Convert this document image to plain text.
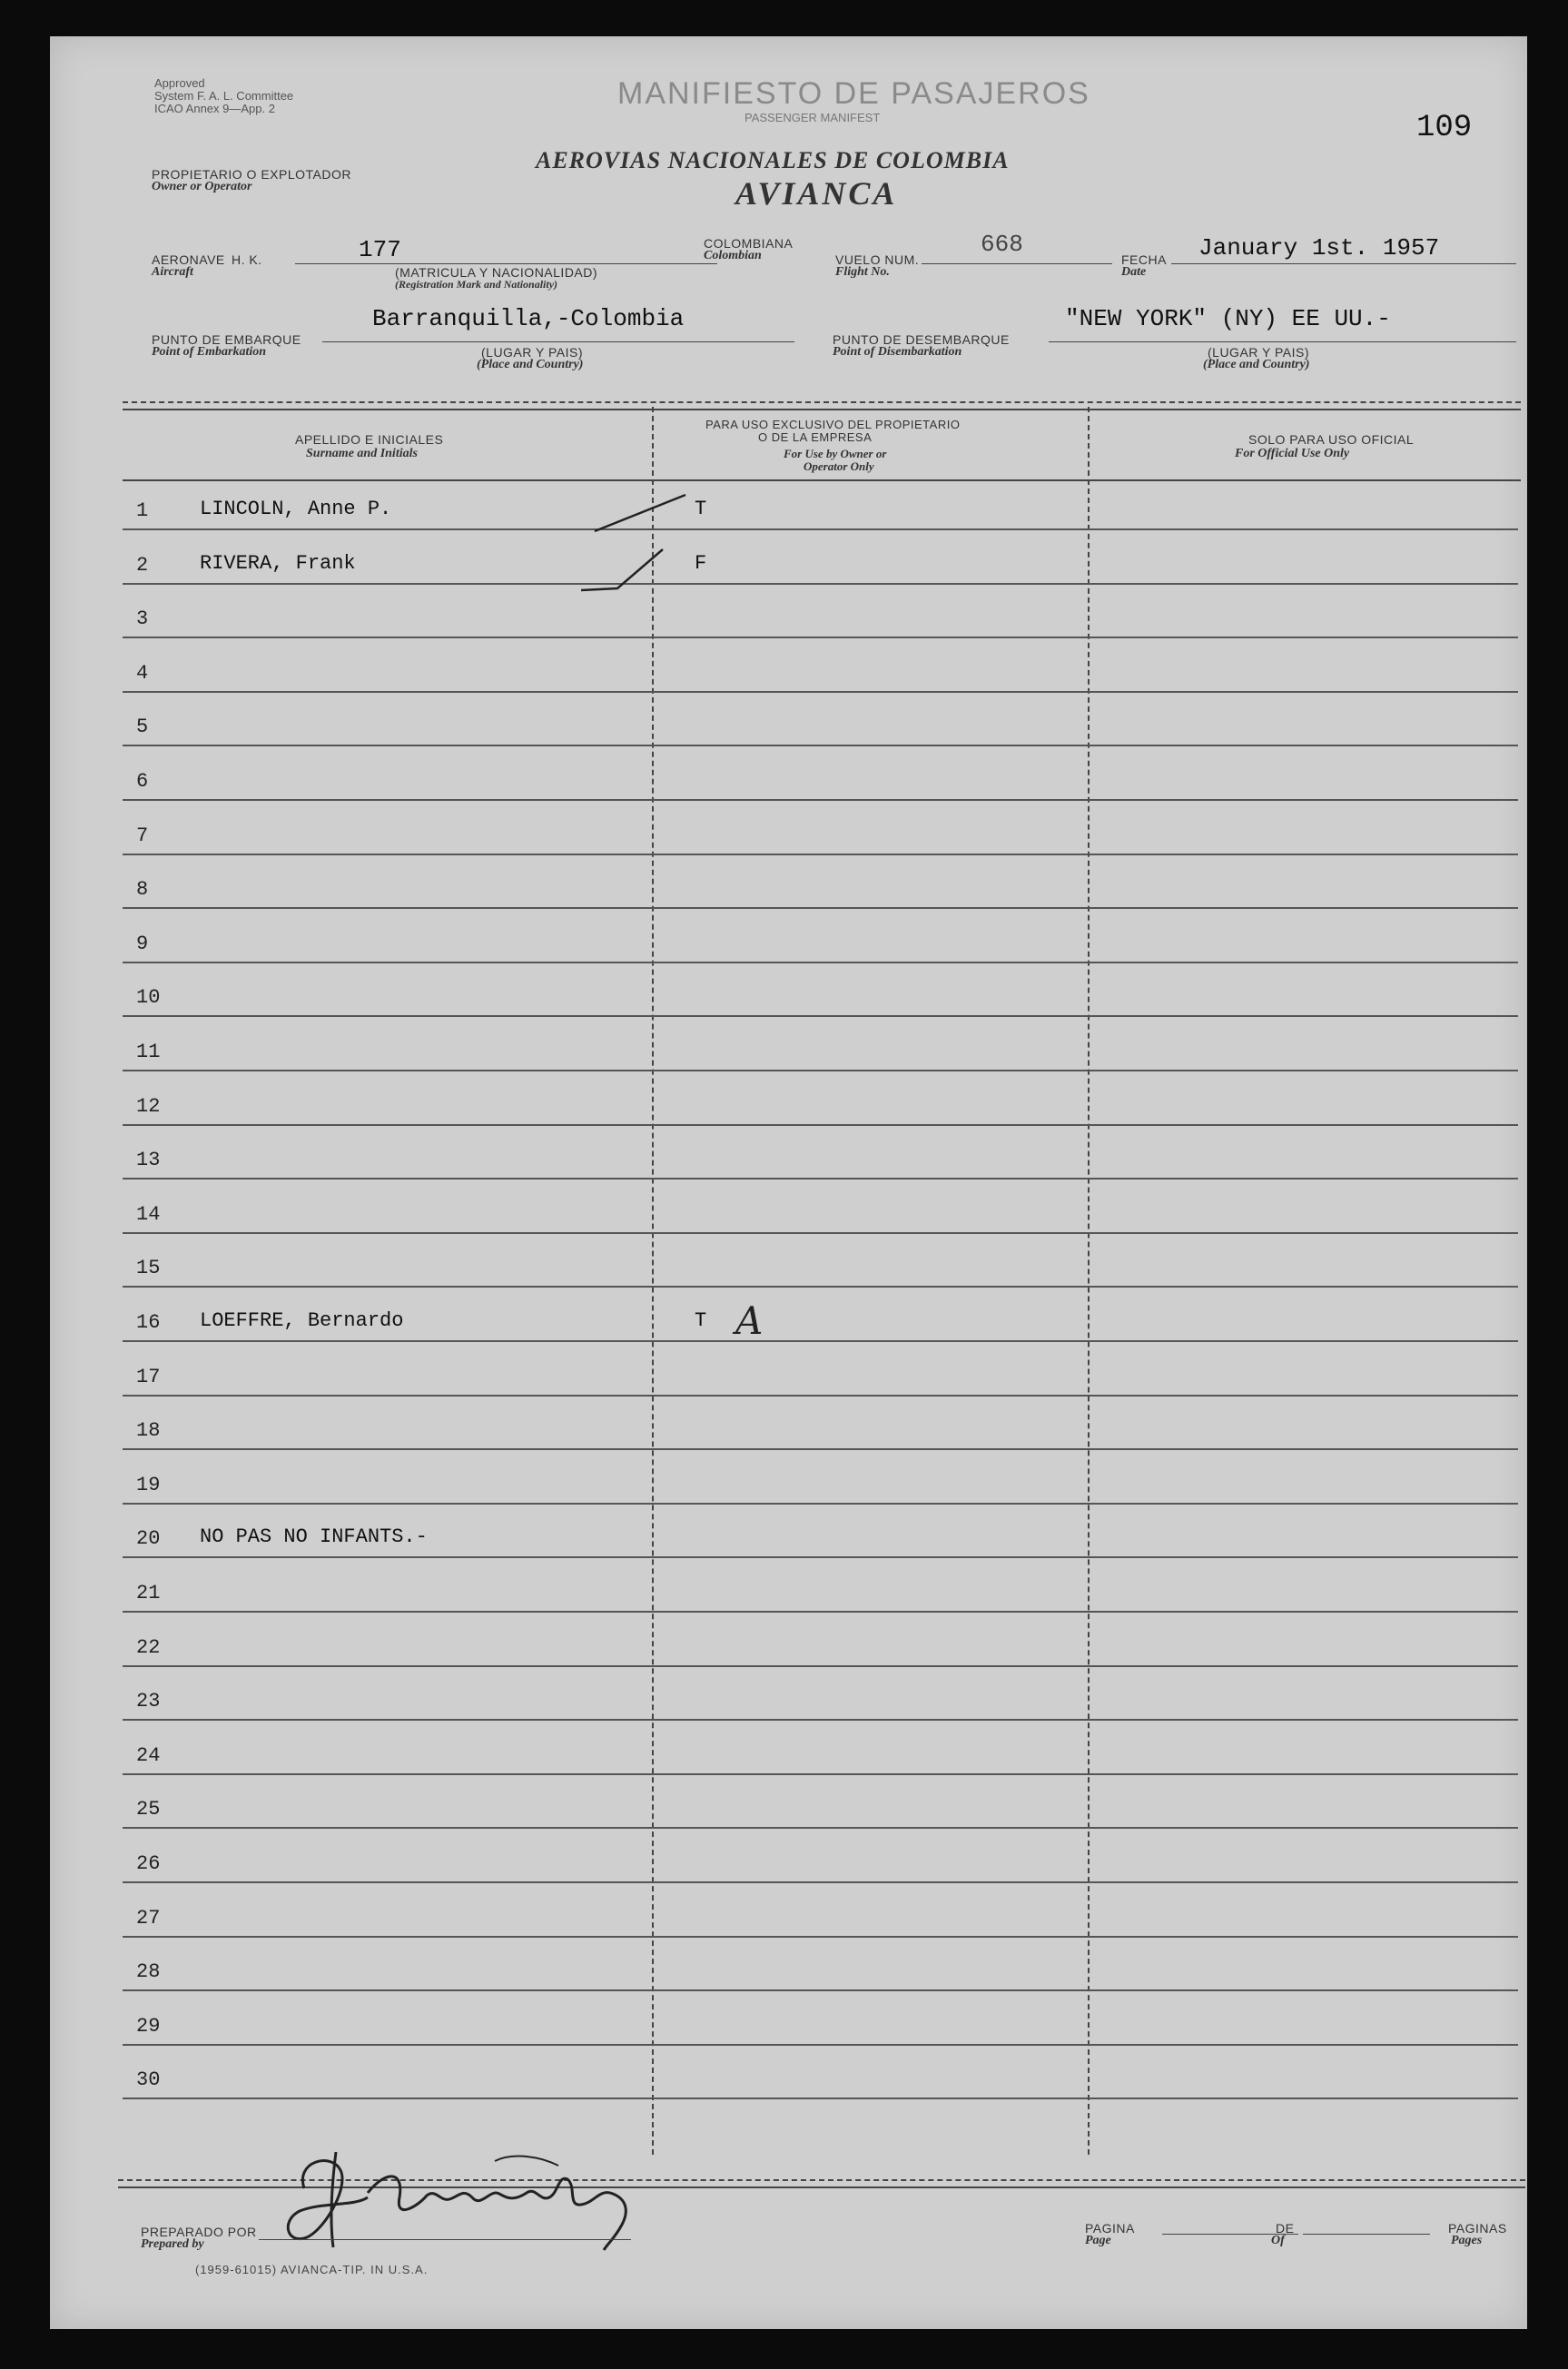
Approved
System F. A. L. Committee
ICAO Annex 9—App. 2	MANIFIESTO DE PASAJEROS
PASSENGER MANIFEST	109
PROPIETARIO O EXPLOTADOR
Owner or Operator
AEROVIAS NACIONALES DE COLOMBIA
AVIANCA
AERONAVE H. K.
Aircraft
177
(MATRICULA Y NACIONALIDAD)
(Registration Mark and Nationality)
COLOMBIANA
Colombian	VUELO NUM.
Flight No.
668
FECHA
Date
January 1st. 1957
PUNTO DE EMBARQUE
Point of Embarkation
Barranquilla,-Colombia
(LUGAR Y PAIS)
(Place and Country)
PUNTO DE DESEMBARQUE
Point of Disembarkation
"NEW YORK" (NY) EE UU.-
(LUGAR Y PAIS)
(Place and Country)
APELLIDO E INICIALES
Surname and Initials
PARA USO EXCLUSIVO DEL PROPIETARIO
O DE LA EMPRESA
For Use by Owner or
Operator Only
SOLO PARA USO OFICIAL
For Official Use Only
1	LINCOLN, Anne P.	T
2	RIVERA, Frank	F
3
4
5
6
7
8
9
10
11
12
13
14
15
16 LOEFFRE, Bernardo	T A
17
18
19
20 NO PAS NO INFANTS.-
21
22
23
24
25
26
27
28
29
30
PREPARADO POR
Prepared by
PAGINA
Page
DE
Of
PAGINAS
Pages
(1959-61015) AVIANCA-TIP. IN U.S.A.
